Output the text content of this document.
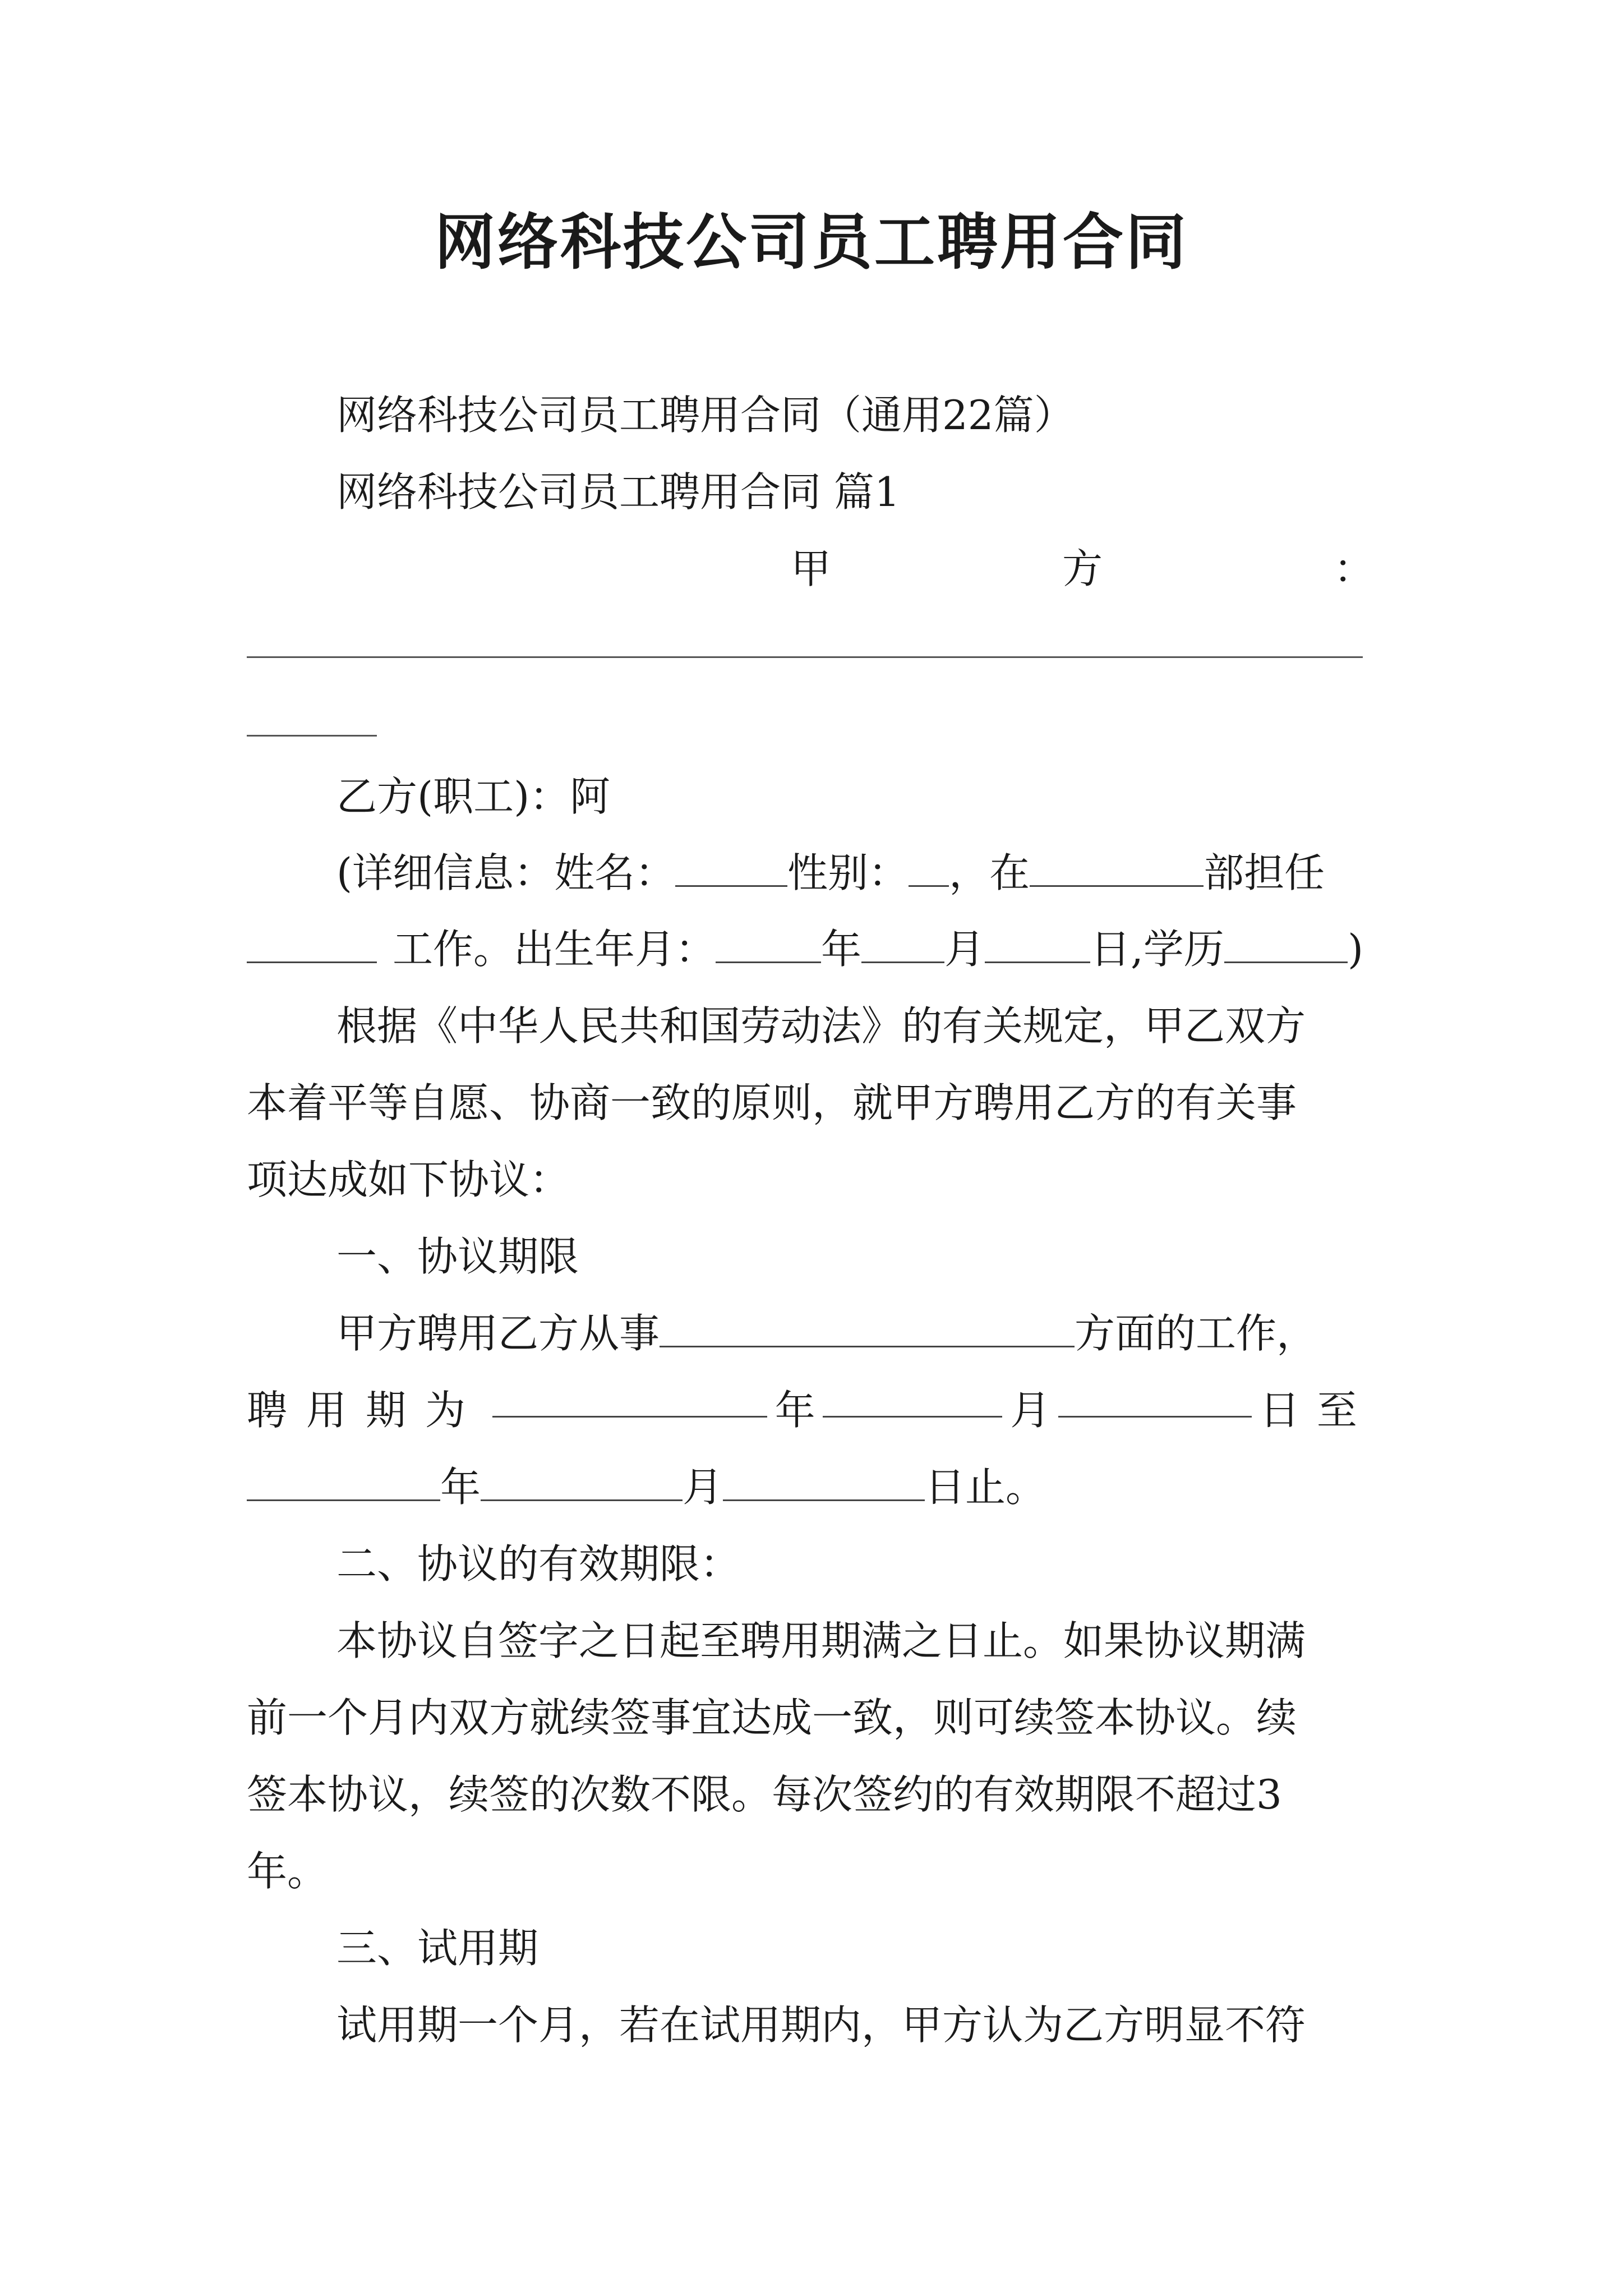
网络科技公司员工聘用合同
网络科技公司员工聘用合同（通用22篇）
网络科技公司员工聘用合同 篇1
甲	方	：
乙方(职工)：阿
(详细信息：姓名：	性别： ，在	部担任
工作。出生年月：	年 月	日,学历	)
根据《中华人民共和国劳动法》的有关规定，甲乙双方
本着平等自愿、协商一致的原则，就甲方聘用乙方的有关事
项达成如下协议：
一、协议期限
甲方聘用乙方从事	方面的工作，
聘用期为	年	月	日至
年	月	日止。
二、协议的有效期限：
本协议自签字之日起至聘用期满之日止。如果协议期满
前一个月内双方就续签事宜达成一致，则可续签本协议。续
签本协议，续签的次数不限。每次签约的有效期限不超过3
年。
三、试用期
试用期一个月，若在试用期内，甲方认为乙方明显不符
